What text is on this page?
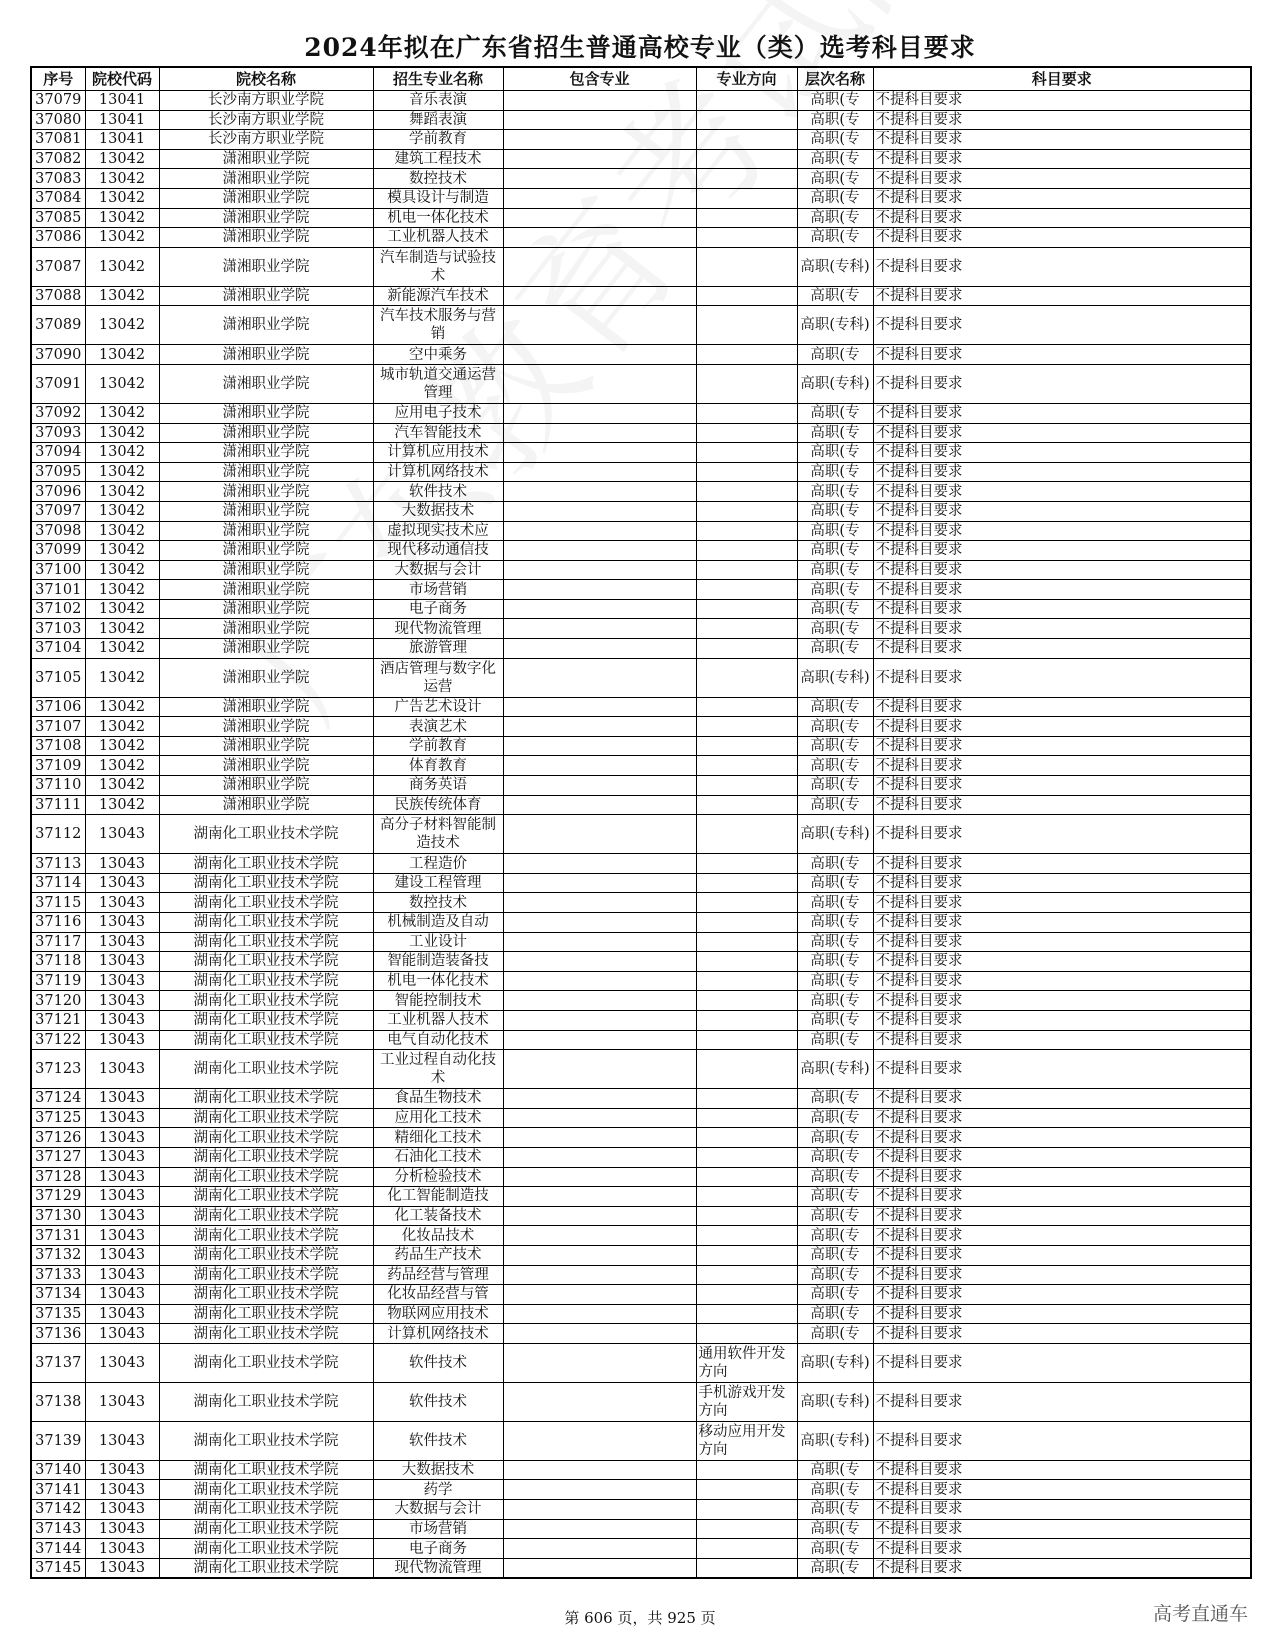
2024年拟在广东省招生普通高校专业（类）选考科目要求
序号	院校代码	院校名称	招生专业名称	包含专业	专业方向	层次名称	科目要求
37079	13041	长沙南方职业学院	音乐表演			高职(专	不提科目要求
37080	13041	长沙南方职业学院	舞蹈表演			高职(专	不提科目要求
37081	13041	长沙南方职业学院	学前教育			高职(专	不提科目要求
37082	13042	潇湘职业学院	建筑工程技术			高职(专	不提科目要求
37083	13042	潇湘职业学院	数控技术			高职(专	不提科目要求
37084	13042	潇湘职业学院	模具设计与制造			高职(专	不提科目要求
37085	13042	潇湘职业学院	机电一体化技术			高职(专	不提科目要求
37086	13042	潇湘职业学院	工业机器人技术			高职(专	不提科目要求
37087	13042	潇湘职业学院	汽车制造与试验技术			高职(专科)	不提科目要求
37088	13042	潇湘职业学院	新能源汽车技术			高职(专	不提科目要求
37089	13042	潇湘职业学院	汽车技术服务与营销			高职(专科)	不提科目要求
37090	13042	潇湘职业学院	空中乘务			高职(专	不提科目要求
37091	13042	潇湘职业学院	城市轨道交通运营管理			高职(专科)	不提科目要求
37092	13042	潇湘职业学院	应用电子技术			高职(专	不提科目要求
37093	13042	潇湘职业学院	汽车智能技术			高职(专	不提科目要求
37094	13042	潇湘职业学院	计算机应用技术			高职(专	不提科目要求
37095	13042	潇湘职业学院	计算机网络技术			高职(专	不提科目要求
37096	13042	潇湘职业学院	软件技术			高职(专	不提科目要求
37097	13042	潇湘职业学院	大数据技术			高职(专	不提科目要求
37098	13042	潇湘职业学院	虚拟现实技术应			高职(专	不提科目要求
37099	13042	潇湘职业学院	现代移动通信技			高职(专	不提科目要求
37100	13042	潇湘职业学院	大数据与会计			高职(专	不提科目要求
37101	13042	潇湘职业学院	市场营销			高职(专	不提科目要求
37102	13042	潇湘职业学院	电子商务			高职(专	不提科目要求
37103	13042	潇湘职业学院	现代物流管理			高职(专	不提科目要求
37104	13042	潇湘职业学院	旅游管理			高职(专	不提科目要求
37105	13042	潇湘职业学院	酒店管理与数字化运营			高职(专科)	不提科目要求
37106	13042	潇湘职业学院	广告艺术设计			高职(专	不提科目要求
37107	13042	潇湘职业学院	表演艺术			高职(专	不提科目要求
37108	13042	潇湘职业学院	学前教育			高职(专	不提科目要求
37109	13042	潇湘职业学院	体育教育			高职(专	不提科目要求
37110	13042	潇湘职业学院	商务英语			高职(专	不提科目要求
37111	13042	潇湘职业学院	民族传统体育			高职(专	不提科目要求
37112	13043	湖南化工职业技术学院	高分子材料智能制造技术			高职(专科)	不提科目要求
37113	13043	湖南化工职业技术学院	工程造价			高职(专	不提科目要求
37114	13043	湖南化工职业技术学院	建设工程管理			高职(专	不提科目要求
37115	13043	湖南化工职业技术学院	数控技术			高职(专	不提科目要求
37116	13043	湖南化工职业技术学院	机械制造及自动			高职(专	不提科目要求
37117	13043	湖南化工职业技术学院	工业设计			高职(专	不提科目要求
37118	13043	湖南化工职业技术学院	智能制造装备技			高职(专	不提科目要求
37119	13043	湖南化工职业技术学院	机电一体化技术			高职(专	不提科目要求
37120	13043	湖南化工职业技术学院	智能控制技术			高职(专	不提科目要求
37121	13043	湖南化工职业技术学院	工业机器人技术			高职(专	不提科目要求
37122	13043	湖南化工职业技术学院	电气自动化技术			高职(专	不提科目要求
37123	13043	湖南化工职业技术学院	工业过程自动化技术			高职(专科)	不提科目要求
37124	13043	湖南化工职业技术学院	食品生物技术			高职(专	不提科目要求
37125	13043	湖南化工职业技术学院	应用化工技术			高职(专	不提科目要求
37126	13043	湖南化工职业技术学院	精细化工技术			高职(专	不提科目要求
37127	13043	湖南化工职业技术学院	石油化工技术			高职(专	不提科目要求
37128	13043	湖南化工职业技术学院	分析检验技术			高职(专	不提科目要求
37129	13043	湖南化工职业技术学院	化工智能制造技			高职(专	不提科目要求
37130	13043	湖南化工职业技术学院	化工装备技术			高职(专	不提科目要求
37131	13043	湖南化工职业技术学院	化妆品技术			高职(专	不提科目要求
37132	13043	湖南化工职业技术学院	药品生产技术			高职(专	不提科目要求
37133	13043	湖南化工职业技术学院	药品经营与管理			高职(专	不提科目要求
37134	13043	湖南化工职业技术学院	化妆品经营与管			高职(专	不提科目要求
37135	13043	湖南化工职业技术学院	物联网应用技术			高职(专	不提科目要求
37136	13043	湖南化工职业技术学院	计算机网络技术			高职(专	不提科目要求
37137	13043	湖南化工职业技术学院	软件技术		通用软件开发方向	高职(专科)	不提科目要求
37138	13043	湖南化工职业技术学院	软件技术		手机游戏开发方向	高职(专科)	不提科目要求
37139	13043	湖南化工职业技术学院	软件技术		移动应用开发方向	高职(专科)	不提科目要求
37140	13043	湖南化工职业技术学院	大数据技术			高职(专	不提科目要求
37141	13043	湖南化工职业技术学院	药学			高职(专	不提科目要求
37142	13043	湖南化工职业技术学院	大数据与会计			高职(专	不提科目要求
37143	13043	湖南化工职业技术学院	市场营销			高职(专	不提科目要求
37144	13043	湖南化工职业技术学院	电子商务			高职(专	不提科目要求
37145	13043	湖南化工职业技术学院	现代物流管理			高职(专	不提科目要求
第 606 页，共 925 页	高考直通车
